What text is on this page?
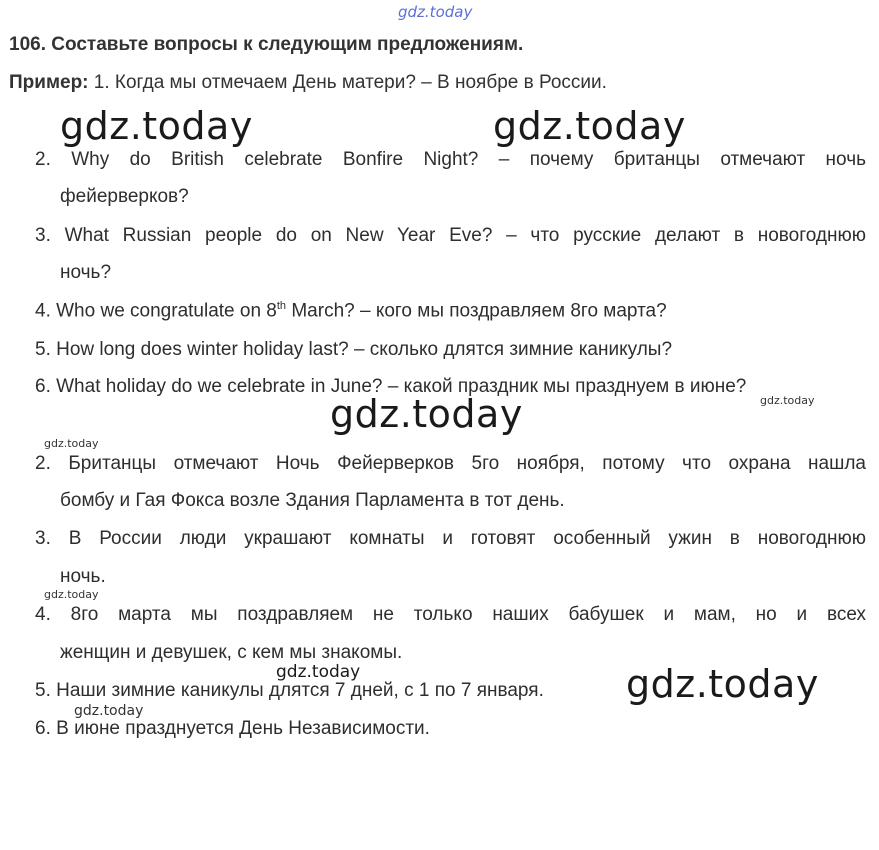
gdz.today
106. Составьте вопросы к следующим предложениям.
Пример: 1. Когда мы отмечаем День матери? – В ноябре в России.
gdz.today	gdz.today
2. Why do British celebrate Bonfire Night? – почему британцы отмечают ночь
фейерверков?
3. What Russian people do on New Year Eve? – что русские делают в новогоднюю
ночь?
4. Who we congratulate on 8th March? – кого мы поздравляем 8го марта?
5. How long does winter holiday last? – сколько длятся зимние каникулы?
6. What holiday do we celebrate in June? – какой праздник мы празднуем в июне?
gdz.today
gdz.today
gdz.today
2. Британцы отмечают Ночь Фейерверков 5го ноября, потому что охрана нашла
бомбу и Гая Фокса возле Здания Парламента в тот день.
3. В России люди украшают комнаты и готовят особенный ужин в новогоднюю
ночь.
gdz.today
4. 8го марта мы поздравляем не только наших бабушек и мам, но и всех
женщин и девушек, с кем мы знакомы.
gdz.today
5. Наши зимние каникулы длятся 7 дней, с 1 по 7 января. gdz.today
gdz.today
6. В июне празднуется День Независимости.
